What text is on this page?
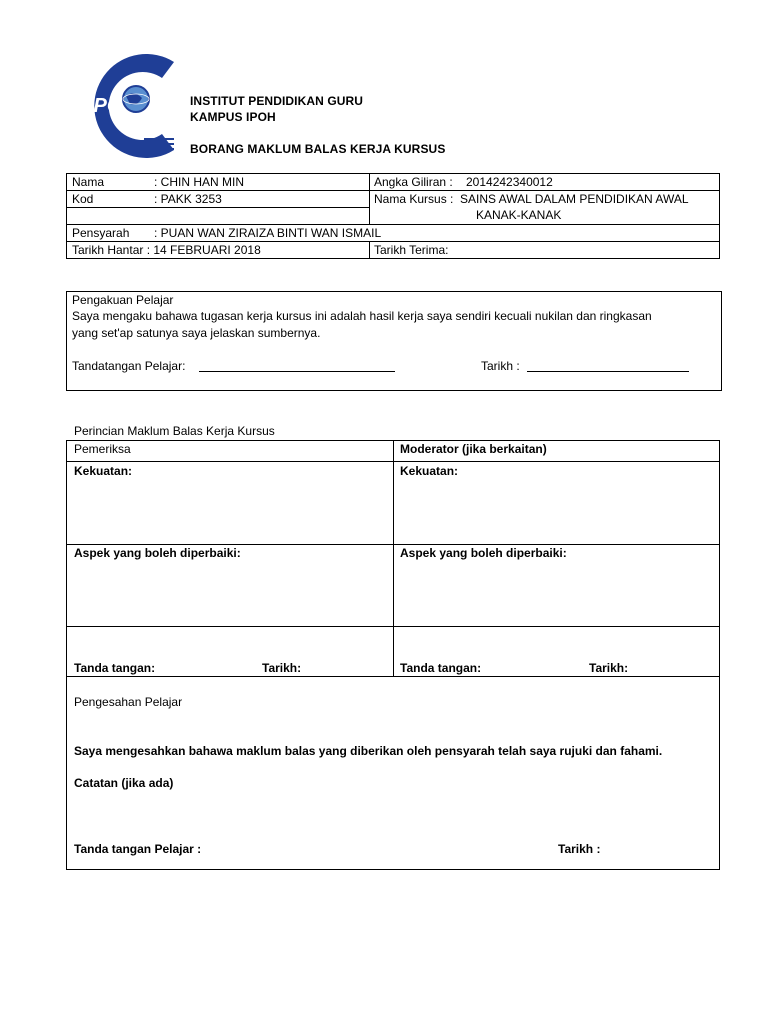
iPG	INSTITUT PENDIDIKAN GURU
KAMPUS IPOH
BORANG MAKLUM BALAS KERJA KURSUS
Nama	: CHIN HAN MIN	Angka Giliran : 2014242340012
Kod	: PAKK 3253	Nama Kursus : SAINS AWAL DALAM PENDIDIKAN AWAL
KANAK-KANAK
Pensyarah : PUAN WAN ZIRAIZA BINTI WAN ISMAIL
Tarikh Hantar : 14 FEBRUARI 2018	Tarikh Terima:
Pengakuan Pelajar
Saya mengaku bahawa tugasan kerja kursus ini adalah hasil kerja saya sendiri kecuali nukilan dan ringkasan
yang set'ap satunya saya jelaskan sumbernya.
Tandatangan Pelajar:	Tarikh :
Perincian Maklum Balas Kerja Kursus
Pemeriksa	Moderator (jika berkaitan)
Kekuatan:	Kekuatan:
Aspek yang boleh diperbaiki:	Aspek yang boleh diperbaiki:
Tanda tangan:	Tarikh:	Tanda tangan:	Tarikh:
Pengesahan Pelajar
Saya mengesahkan bahawa maklum balas yang diberikan oleh pensyarah telah saya rujuki dan fahami.
Catatan (jika ada)
Tanda tangan Pelajar :	Tarikh :
